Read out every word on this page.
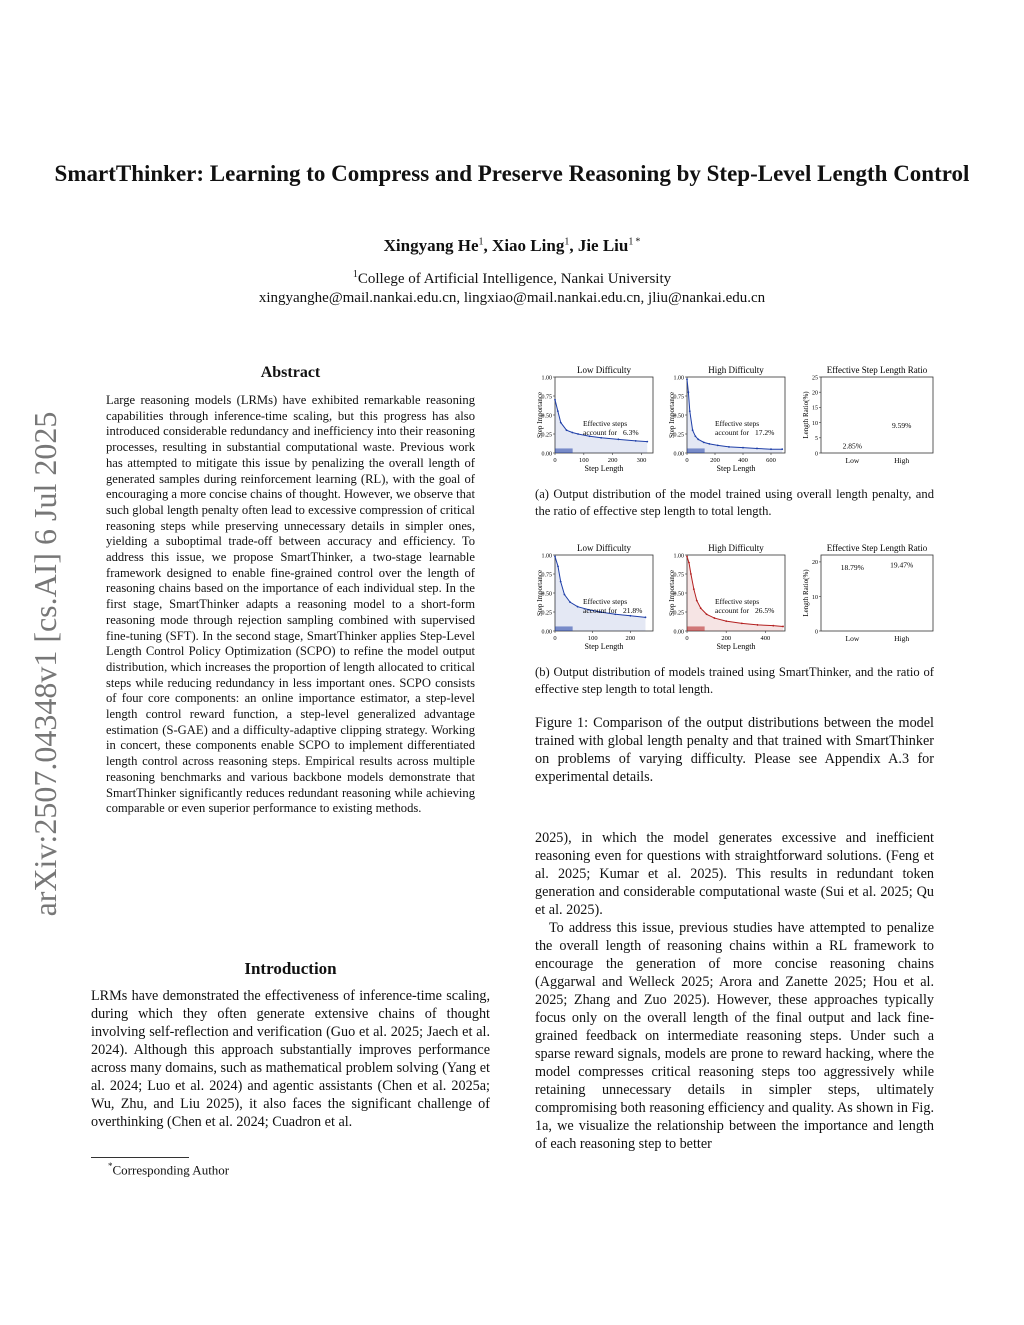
SmartThinker: Learning to Compress and Preserve Reasoning by Step-Level Length Control
Xingyang He$^1$, Xiao Ling$^1$, Jie Liu$^{1 *}$
$^1$College of Artificial Intelligence, Nankai University
xingyanghe@mail.nankai.edu.cn, lingxiao@mail.nankai.edu.cn, jliu@nankai.edu.cn
arXiv:2507.04348v1 [cs.AI] 6 Jul 2025
Abstract
Large reasoning models (LRMs) have exhibited remarkable reasoning capabilities through inference-time scaling, but this progress has also introduced considerable redundancy and inefficiency into their reasoning processes, resulting in substantial computational waste. Previous work has attempted to mitigate this issue by penalizing the overall length of generated samples during reinforcement learning (RL), with the goal of encouraging a more concise chains of thought. However, we observe that such global length penalty often lead to excessive compression of critical reasoning steps while preserving unnecessary details in simpler ones, yielding a suboptimal trade-off between accuracy and efficiency. To address this issue, we propose SmartThinker, a two-stage learnable framework designed to enable fine-grained control over the length of reasoning chains based on the importance of each individual step. In the first stage, SmartThinker adapts a reasoning model to a short-form reasoning mode through rejection sampling combined with supervised fine-tuning (SFT). In the second stage, SmartThinker applies Step-Level Length Control Policy Optimization (SCPO) to refine the model output distribution, which increases the proportion of length allocated to critical steps while reducing redundancy in less important ones. SCPO consists of four core components: an online importance estimator, a step-level length control reward function, a step-level generalized advantage estimation (S-GAE) and a difficulty-adaptive clipping strategy. Working in concert, these components enable SCPO to implement differentiated length control across reasoning steps. Empirical results across multiple reasoning benchmarks and various backbone models demonstrate that SmartThinker significantly reduces redundant reasoning while achieving comparable or even superior performance to existing methods.
Introduction
LRMs have demonstrated the effectiveness of inference-time scaling, during which they often generate extensive chains of thought involving self-reflection and verification (Guo et al. 2025; Jaech et al. 2024). Although this approach substantially improves performance across many domains, such as mathematical problem solving (Yang et al. 2024; Luo et al. 2024) and agentic assistants (Chen et al. 2025a; Wu, Zhu, and Liu 2025), it also faces the significant challenge of overthinking (Chen et al. 2024; Cuadron et al.
*Corresponding Author
Low Difficulty
0.00
0.25
0.50
0.75
1.00
0	100	200	300
Step Length
Step Importance	Effective steps
account for 6.3%
High Difficulty
0.00
0.25
0.50
0.75
1.00
0	200	400	600
Step Length
Step Importance	Effective steps
account for 17.2%
Effective Step Length Ratio
0
5
10
15
20
25
Length Ratio(%)
Low
2.85%
High
9.59%
(a) Output distribution of the model trained using overall length penalty, and the ratio of effective step length to total length.
Low Difficulty
0.00
0.25
0.50
0.75
1.00
0	100	200
Step Length
Step Importance	Effective steps
account for 21.8%
High Difficulty
0.00
0.25
0.50
0.75
1.00
0	200	400
Step Length
Step Importance	Effective steps
account for 26.5%
Effective Step Length Ratio
0
10
20
Length Ratio(%)
Low
18.79%
High
19.47%
(b) Output distribution of models trained using SmartThinker, and the ratio of effective step length to total length.
Figure 1: Comparison of the output distributions between the model trained with global length penalty and that trained with SmartThinker on problems of varying difficulty. Please see Appendix A.3 for experimental details.

2025), in which the model generates excessive and inefficient reasoning even for questions with straightforward solutions. (Feng et al. 2025; Kumar et al. 2025). This results in redundant token generation and considerable computational waste (Sui et al. 2025; Qu et al. 2025).

To address this issue, previous studies have attempted to penalize the overall length of reasoning chains within a RL framework to encourage the generation of more concise reasoning chains (Aggarwal and Welleck 2025; Arora and Zanette 2025; Hou et al. 2025; Zhang and Zuo 2025). However, these approaches typically focus only on the overall length of the final output and lack fine-grained feedback on intermediate reasoning steps. Under such a sparse reward signals, models are prone to reward hacking, where the model compresses critical reasoning steps too aggressively while retaining unnecessary details in simpler steps, ultimately compromising both reasoning efficiency and quality. As shown in Fig. 1a, we visualize the relationship between the importance and length of each reasoning step to better
